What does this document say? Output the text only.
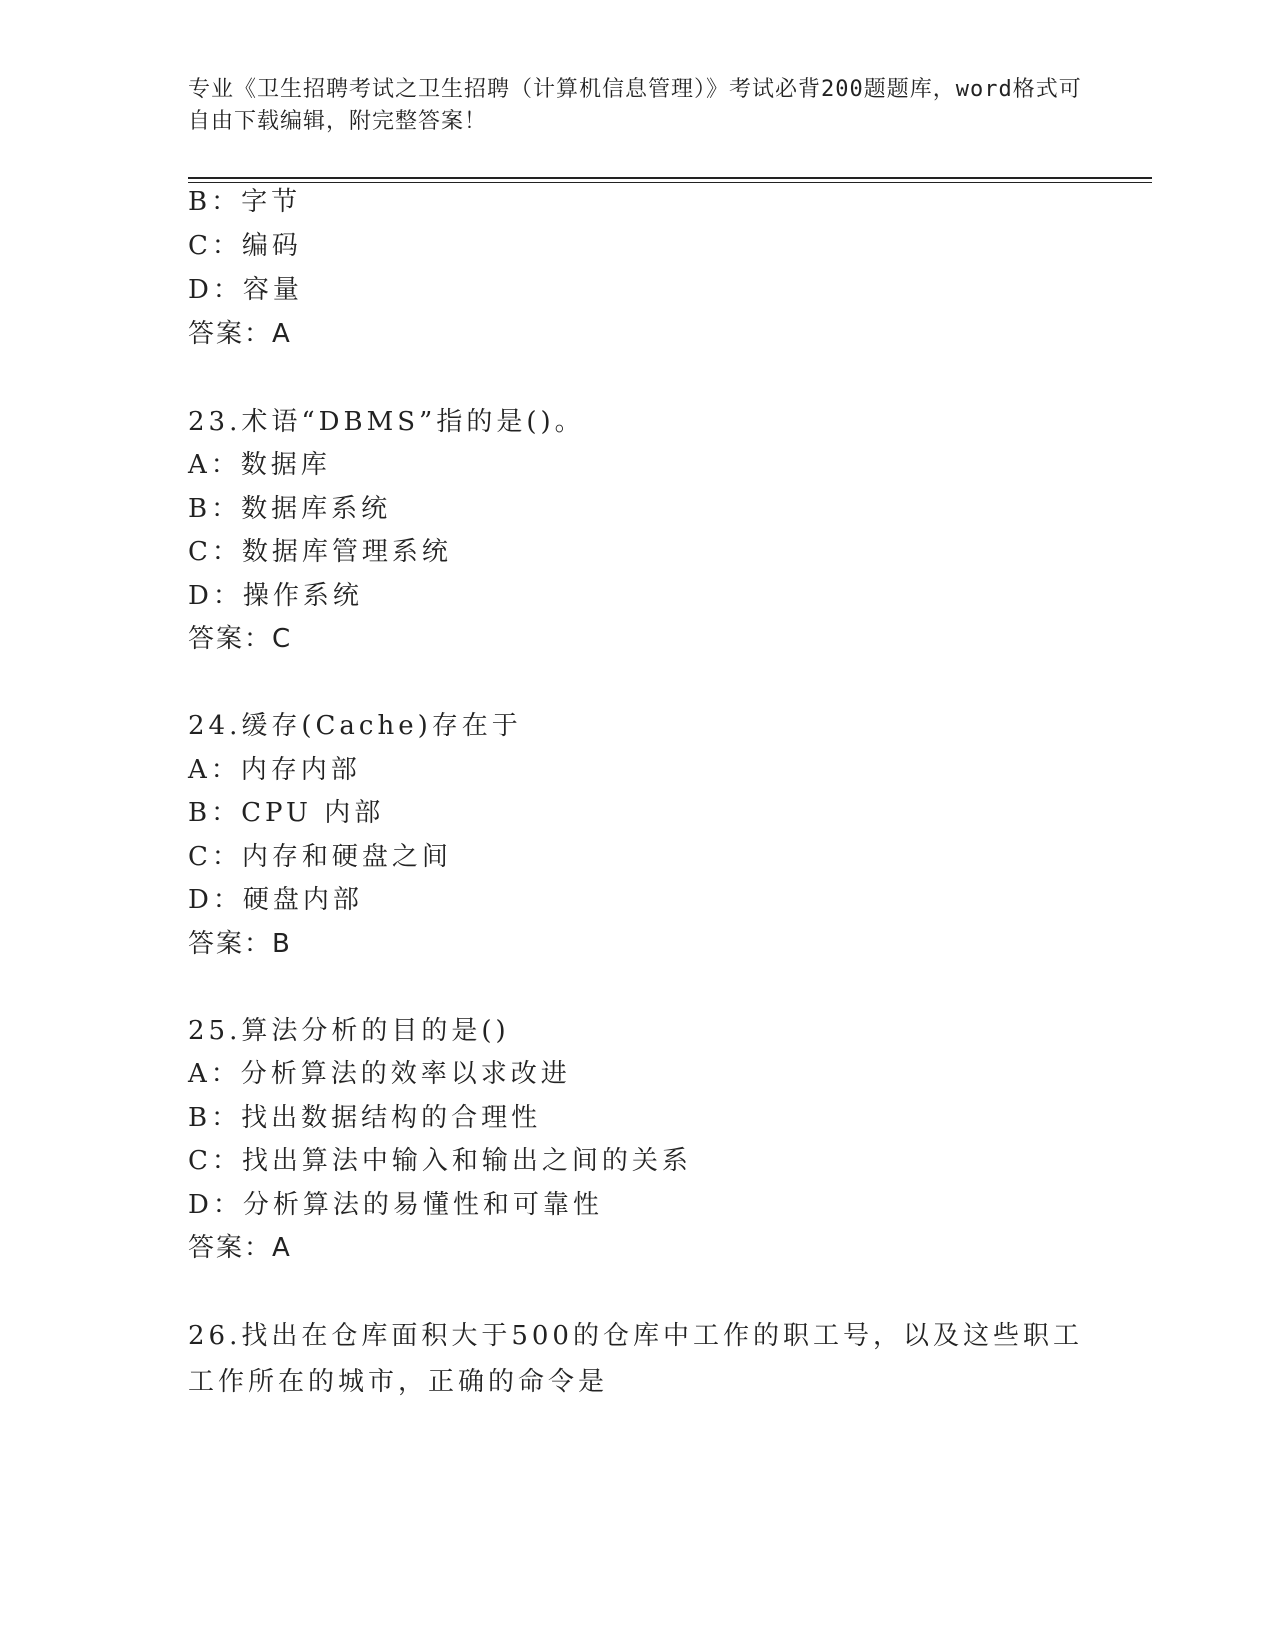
专业《卫生招聘考试之卫生招聘（计算机信息管理）》考试必背200题题库，word格式可自由下载编辑，附完整答案！
B：字节
C：编码
D：容量
答案：A
23.术语“DBMS”指的是()。
A：数据库
B：数据库系统
C：数据库管理系统
D：操作系统
答案：C
24.缓存(Cache)存在于
A：内存内部
B：CPU 内部
C：内存和硬盘之间
D：硬盘内部
答案：B
25.算法分析的目的是()
A：分析算法的效率以求改进
B：找出数据结构的合理性
C：找出算法中输入和输出之间的关系
D：分析算法的易懂性和可靠性
答案：A
26.找出在仓库面积大于500的仓库中工作的职工号，以及这些职工工作所在的城市，正确的命令是
